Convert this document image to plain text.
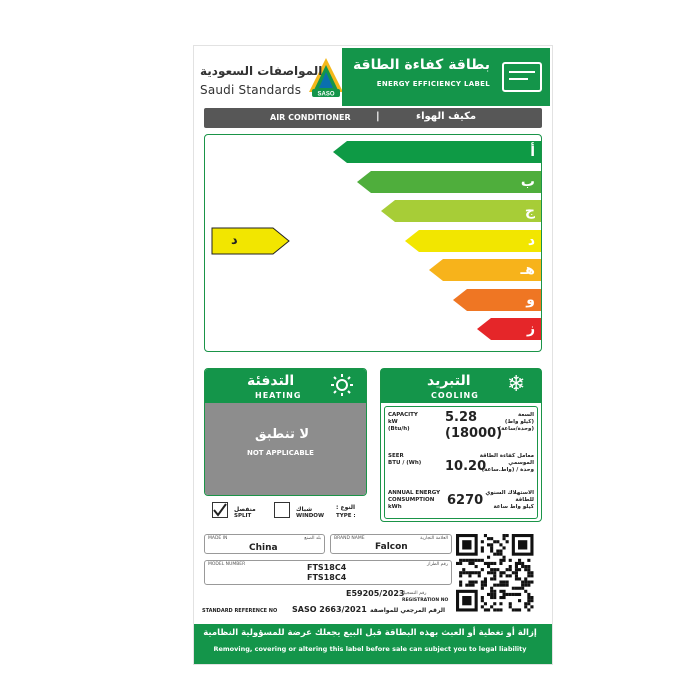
SASO
المواصفات السعودية
Saudi Standards
بطاقة كفاءة الطاقة
ENERGY EFFICIENCY LABEL
AIR CONDITIONER	|	مكيف الهواء
أ
ب
ج
د
هـ
و
ز
د
التدفئة
HEATING
لا تنطبق
NOT APPLICABLE
منفصل
SPLIT
شباك
WINDOW
النوع :
TYPE :
التبريد
COOLING ❄
CAPACITY
kW
(Btu/h)
5.28
(18000)
السعة
(كيلو واط)
(وحدة/ساعة)
SEER
BTU / (Wh) 10.20
معامل كفاءة الطاقة الموسمي
وحدة / (واط.ساعة)
ANNUAL ENERGY
CONSUMPTION
kWh	6270 الاستهلاك السنوي
للطاقة
كيلو واط ساعة
MADE IN	بلد الصنع
China
BRAND NAME	العلامة التجارية
Falcon
MODEL NUMBER	رقم الطراز
FTS18C4
FTS18C4
E59205/2023
رقم التسجيل
REGISTRATION NO
STANDARD REFERENCE NO SASO 2663/2021 الرقم المرجعي للمواصفة
إزالة أو تغطية أو العبث بهذه البطاقة قبل البيع يجعلك عرضة للمسؤولية النظامية
Removing, covering or altering this label before sale can subject you to legal liability
